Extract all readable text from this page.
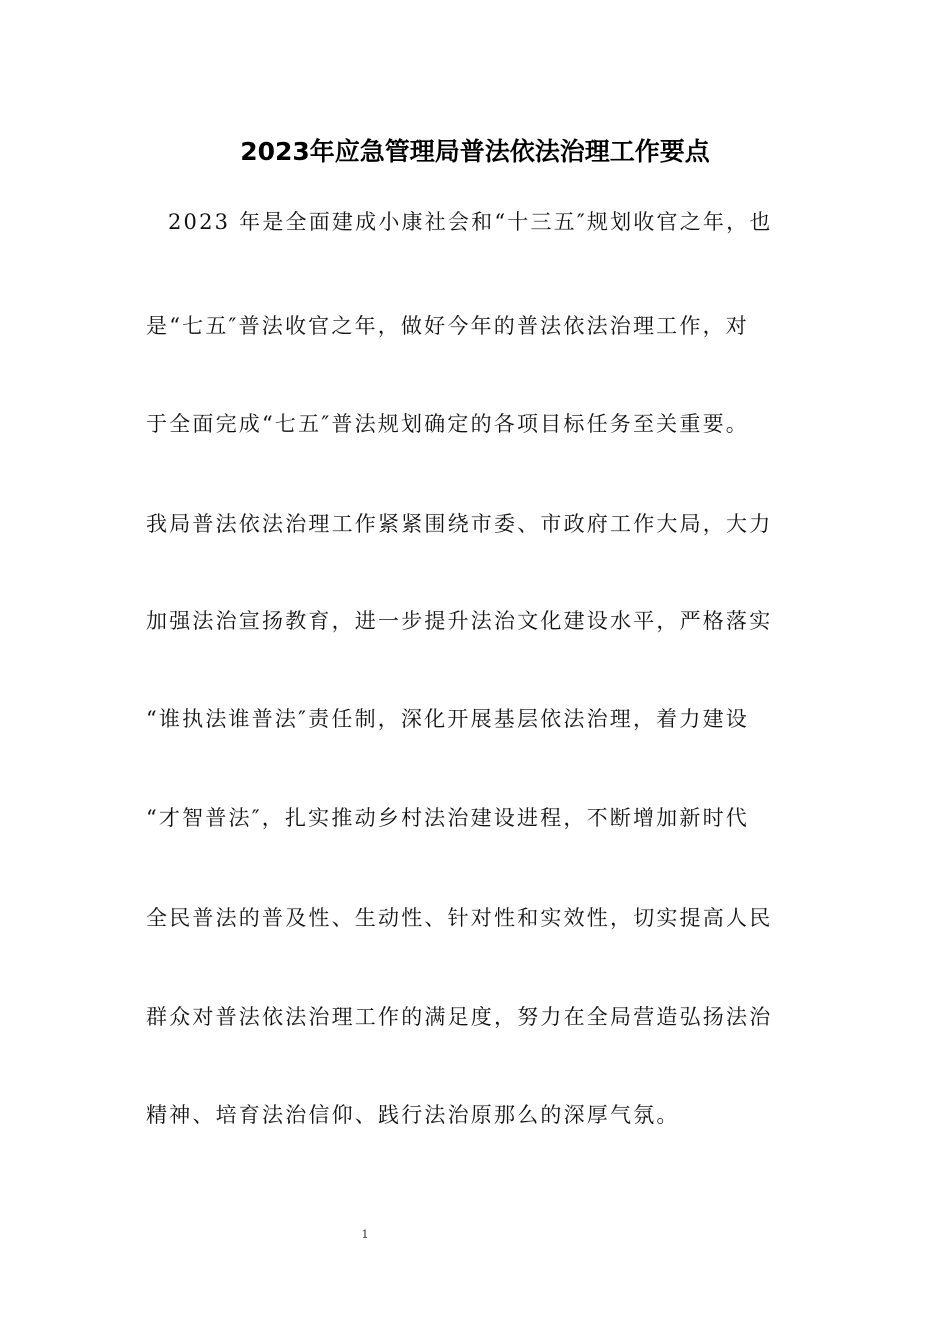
2023年应急管理局普法依法治理工作要点
2023 年是全面建成小康社会和“十三五″规划收官之年，也
是“七五″普法收官之年，做好今年的普法依法治理工作，对
于全面完成“七五″普法规划确定的各项目标任务至关重要。
我局普法依法治理工作紧紧围绕市委、市政府工作大局，大力
加强法治宣扬教育，进一步提升法治文化建设水平，严格落实
“谁执法谁普法″责任制，深化开展基层依法治理，着力建设
“才智普法″，扎实推动乡村法治建设进程，不断增加新时代
全民普法的普及性、生动性、针对性和实效性，切实提高人民
群众对普法依法治理工作的满足度，努力在全局营造弘扬法治
精神、培育法治信仰、践行法治原那么的深厚气氛。
1
